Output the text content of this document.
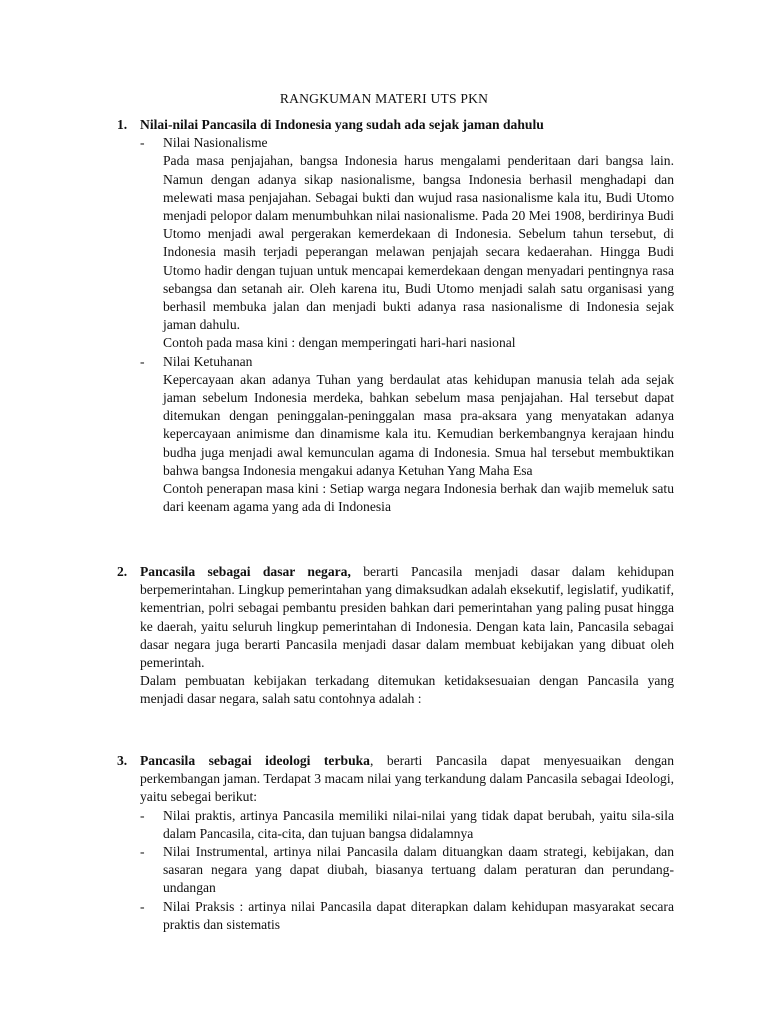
RANGKUMAN MATERI UTS PKN
1. Nilai-nilai Pancasila di Indonesia yang sudah ada sejak jaman dahulu

- Nilai Nasionalisme

Pada masa penjajahan, bangsa Indonesia harus mengalami penderitaan dari bangsa lain. Namun dengan adanya sikap nasionalisme, bangsa Indonesia berhasil menghadapi dan melewati masa penjajahan. Sebagai bukti dan wujud rasa nasionalisme kala itu, Budi Utomo menjadi pelopor dalam menumbuhkan nilai nasionalisme. Pada 20 Mei 1908, berdirinya Budi Utomo menjadi awal pergerakan kemerdekaan di Indonesia. Sebelum tahun tersebut, di Indonesia masih terjadi peperangan melawan penjajah secara kedaerahan. Hingga Budi Utomo hadir dengan tujuan untuk mencapai kemerdekaan dengan menyadari pentingnya rasa sebangsa dan setanah air. Oleh karena itu, Budi Utomo menjadi salah satu organisasi yang berhasil membuka jalan dan menjadi bukti adanya rasa nasionalisme di Indonesia sejak jaman dahulu.

Contoh pada masa kini : dengan memperingati hari-hari nasional

- Nilai Ketuhanan

Kepercayaan akan adanya Tuhan yang berdaulat atas kehidupan manusia telah ada sejak jaman sebelum Indonesia merdeka, bahkan sebelum masa penjajahan. Hal tersebut dapat ditemukan dengan peninggalan-peninggalan masa pra-aksara yang menyatakan adanya kepercayaan animisme dan dinamisme kala itu. Kemudian berkembangnya kerajaan hindu budha juga menjadi awal kemunculan agama di Indonesia. Smua hal tersebut membuktikan bahwa bangsa Indonesia mengakui adanya Ketuhan Yang Maha Esa

Contoh penerapan masa kini : Setiap warga negara Indonesia berhak dan wajib memeluk satu dari keenam agama yang ada di Indonesia

2. Pancasila sebagai dasar negara, berarti Pancasila menjadi dasar dalam kehidupan berpemerintahan. Lingkup pemerintahan yang dimaksudkan adalah eksekutif, legislatif, yudikatif, kementrian, polri sebagai pembantu presiden bahkan dari pemerintahan yang paling pusat hingga ke daerah, yaitu seluruh lingkup pemerintahan di Indonesia. Dengan kata lain, Pancasila sebagai dasar negara juga berarti Pancasila menjadi dasar dalam membuat kebijakan yang dibuat oleh pemerintah.

Dalam pembuatan kebijakan terkadang ditemukan ketidaksesuaian dengan Pancasila yang menjadi dasar negara, salah satu contohnya adalah :

3. Pancasila sebagai ideologi terbuka, berarti Pancasila dapat menyesuaikan dengan perkembangan jaman. Terdapat 3 macam nilai yang terkandung dalam Pancasila sebagai Ideologi, yaitu sebegai berikut:

- Nilai praktis, artinya Pancasila memiliki nilai-nilai yang tidak dapat berubah, yaitu sila-sila dalam Pancasila, cita-cita, dan tujuan bangsa didalamnya
- Nilai Instrumental, artinya nilai Pancasila dalam dituangkan daam strategi, kebijakan, dan sasaran negara yang dapat diubah, biasanya tertuang dalam peraturan dan perundang-undangan
- Nilai Praksis : artinya nilai Pancasila dapat diterapkan dalam kehidupan masyarakat secara praktis dan sistematis
